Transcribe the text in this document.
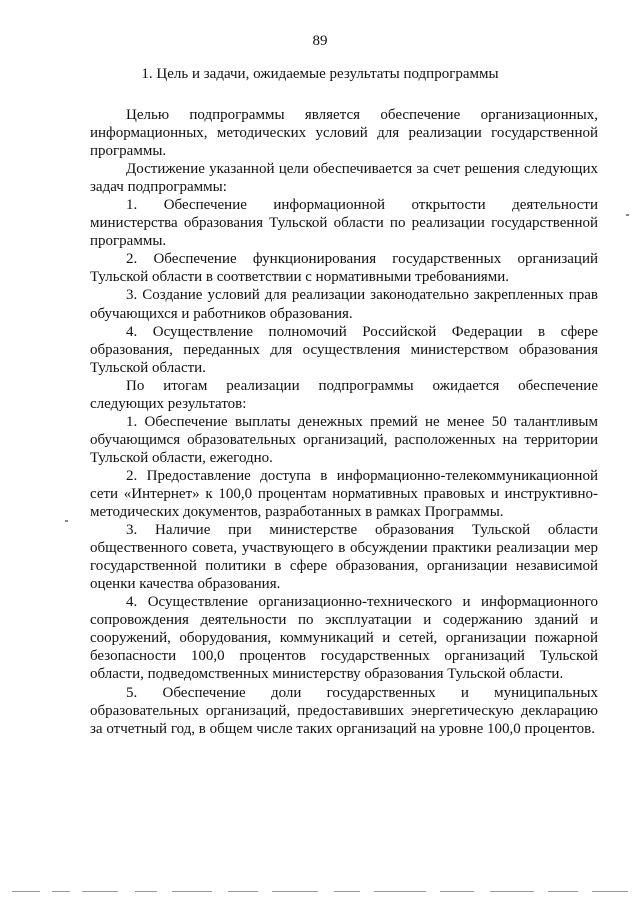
89
1. Цель и задачи, ожидаемые результаты подпрограммы

Целью подпрограммы является обеспечение организационных, информационных, методических условий для реализации государственной программы.

Достижение указанной цели обеспечивается за счет решения следующих задач подпрограммы:

1. Обеспечение информационной открытости деятельности министерства образования Тульской области по реализации государственной программы.

2. Обеспечение функционирования государственных организаций Тульской области в соответствии с нормативными требованиями.

3. Создание условий для реализации законодательно закрепленных прав обучающихся и работников образования.

4. Осуществление полномочий Российской Федерации в сфере образования, переданных для осуществления министерством образования Тульской области.

По итогам реализации подпрограммы ожидается обеспечение следующих результатов:

1. Обеспечение выплаты денежных премий не менее 50 талантливым обучающимся образовательных организаций, расположенных на территории Тульской области, ежегодно.

2. Предоставление доступа в информационно-телекоммуникационной сети «Интернет» к 100,0 процентам нормативных правовых и инструктивно-методических документов, разработанных в рамках Программы.

3. Наличие при министерстве образования Тульской области общественного совета, участвующего в обсуждении практики реализации мер государственной политики в сфере образования, организации независимой оценки качества образования.

4. Осуществление организационно-технического и информационного сопровождения деятельности по эксплуатации и содержанию зданий и сооружений, оборудования, коммуникаций и сетей, организации пожарной безопасности 100,0 процентов государственных организаций Тульской области, подведомственных министерству образования Тульской области.

5. Обеспечение доли государственных и муниципальных образовательных организаций, предоставивших энергетическую декларацию за отчетный год, в общем числе таких организаций на уровне 100,0 процентов.
